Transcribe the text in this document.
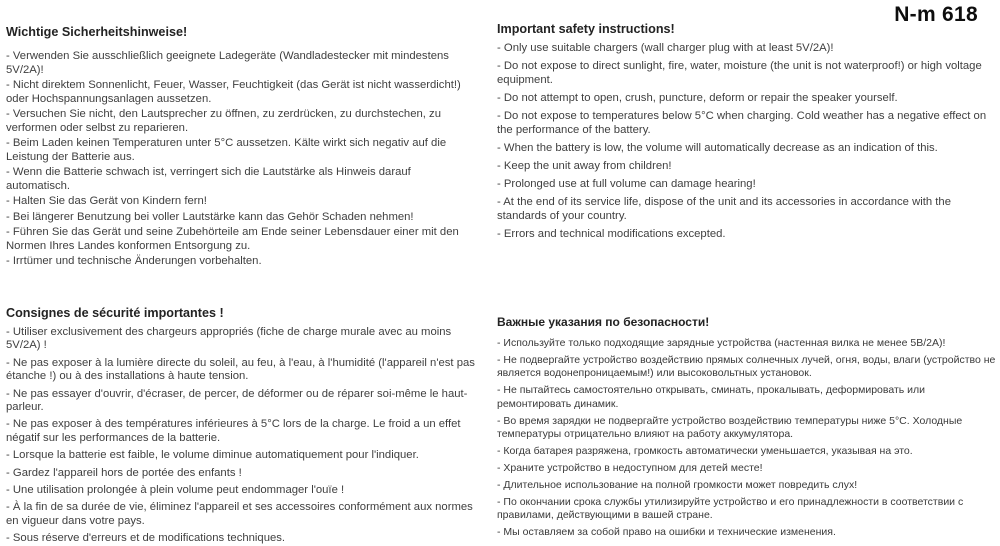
N-m 618
Wichtige Sicherheitshinweise!

- Verwenden Sie ausschließlich geeignete Ladegeräte (Wandladestecker mit mindestens 5V/2A)!

- Nicht direktem Sonnenlicht, Feuer, Wasser, Feuchtigkeit (das Gerät ist nicht wasserdicht!) oder Hochspannungsanlagen aussetzen.

- Versuchen Sie nicht, den Lautsprecher zu öffnen, zu zerdrücken, zu durchstechen, zu verformen oder selbst zu reparieren.

- Beim Laden keinen Temperaturen unter 5°C aussetzen. Kälte wirkt sich negativ auf die Leistung der Batterie aus.

- Wenn die Batterie schwach ist, verringert sich die Lautstärke als Hinweis darauf automatisch.

- Halten Sie das Gerät von Kindern fern!

- Bei längerer Benutzung bei voller Lautstärke kann das Gehör Schaden nehmen!

- Führen Sie das Gerät und seine Zubehörteile am Ende seiner Lebensdauer einer mit den Normen Ihres Landes konformen Entsorgung zu.

- Irrtümer und technische Änderungen vorbehalten.

Important safety instructions!

- Only use suitable chargers (wall charger plug with at least 5V/2A)!

- Do not expose to direct sunlight, fire, water, moisture (the unit is not waterproof!) or high voltage equipment.

- Do not attempt to open, crush, puncture, deform or repair the speaker yourself.

- Do not expose to temperatures below 5°C when charging. Cold weather has a negative effect on the performance of the battery.

- When the battery is low, the volume will automatically decrease as an indication of this.

- Keep the unit away from children!

- Prolonged use at full volume can damage hearing!

- At the end of its service life, dispose of the unit and its accessories in accordance with the standards of your country.

- Errors and technical modifications excepted.

Consignes de sécurité importantes !

- Utiliser exclusivement des chargeurs appropriés (fiche de charge murale avec au moins 5V/2A) !

- Ne pas exposer à la lumière directe du soleil, au feu, à l'eau, à l'humidité (l'appareil n'est pas étanche !) ou à des installations à haute tension.

- Ne pas essayer d'ouvrir, d'écraser, de percer, de déformer ou de réparer soi-même le haut-parleur.

- Ne pas exposer à des températures inférieures à 5°C lors de la charge. Le froid a un effet négatif sur les performances de la batterie.

- Lorsque la batterie est faible, le volume diminue automatiquement pour l'indiquer.

- Gardez l'appareil hors de portée des enfants !

- Une utilisation prolongée à plein volume peut endommager l'ouïe !

- À la fin de sa durée de vie, éliminez l'appareil et ses accessoires conformément aux normes en vigueur dans votre pays.

- Sous réserve d'erreurs et de modifications techniques.

Важные указания по безопасности!

- Используйте только подходящие зарядные устройства (настенная вилка не менее 5В/2А)!

- Не подвергайте устройство воздействию прямых солнечных лучей, огня, воды, влаги (устройство не является водонепроницаемым!) или высоковольтных установок.

- Не пытайтесь самостоятельно открывать, сминать, прокалывать, деформировать или ремонтировать динамик.

- Во время зарядки не подвергайте устройство воздействию температуры ниже 5°C. Холодные температуры отрицательно влияют на работу аккумулятора.

- Когда батарея разряжена, громкость автоматически уменьшается, указывая на это.

- Храните устройство в недоступном для детей месте!

- Длительное использование на полной громкости может повредить слух!

- По окончании срока службы утилизируйте устройство и его принадлежности в соответствии с правилами, действующими в вашей стране.

- Мы оставляем за собой право на ошибки и технические изменения.
